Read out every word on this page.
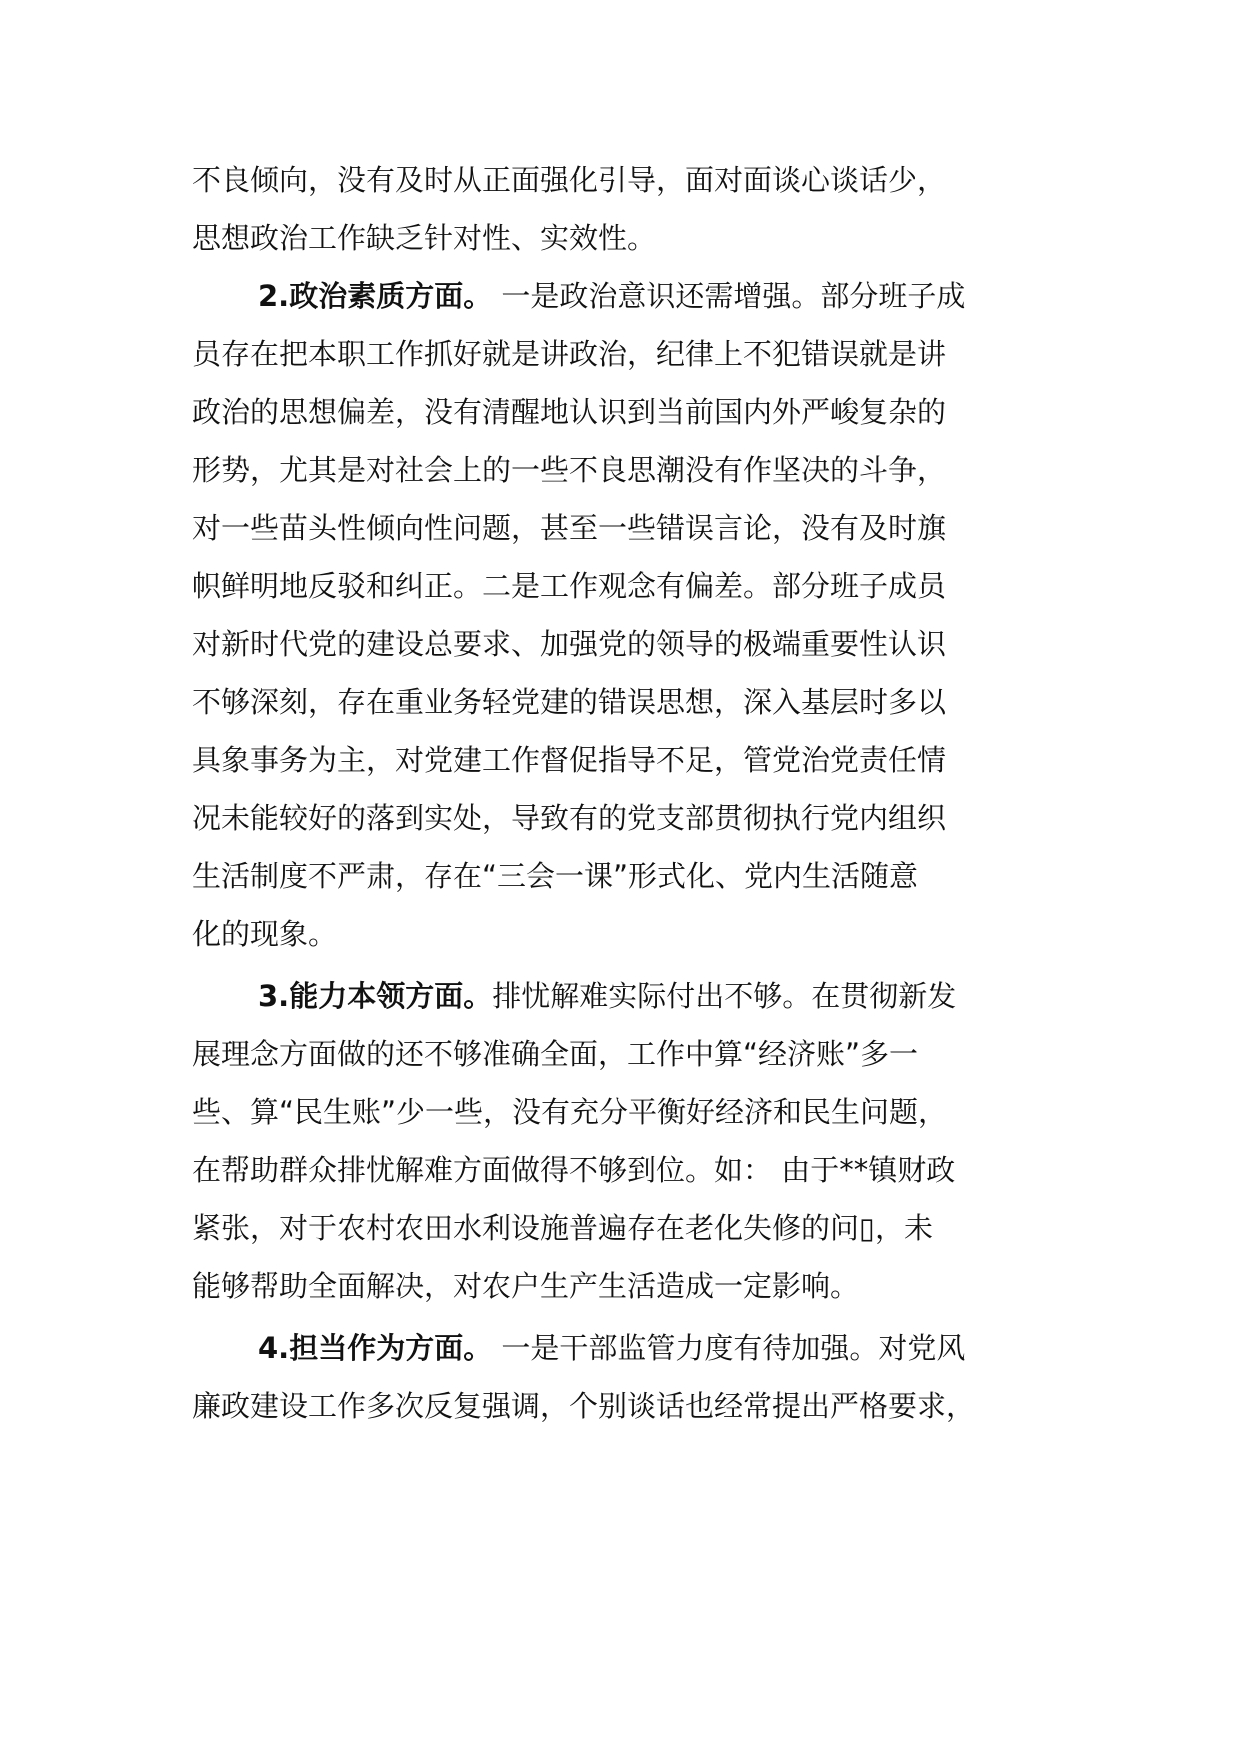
不良倾向，没有及时从正面强化引导，面对面谈心谈话少，
思想政治工作缺乏针对性、实效性。
2.政治素质方面。 一是政治意识还需增强。部分班子成
员存在把本职工作抓好就是讲政治，纪律上不犯错误就是讲
政治的思想偏差，没有清醒地认识到当前国内外严峻复杂的
形势，尤其是对社会上的一些不良思潮没有作坚决的斗争，
对一些苗头性倾向性问题，甚至一些错误言论，没有及时旗
帜鲜明地反驳和纠正。二是工作观念有偏差。部分班子成员
对新时代党的建设总要求、加强党的领导的极端重要性认识
不够深刻，存在重业务轻党建的错误思想，深入基层时多以
具象事务为主，对党建工作督促指导不足，管党治党责任情
况未能较好的落到实处，导致有的党支部贯彻执行党内组织
生活制度不严肃，存在“三会一课”形式化、党内生活随意
化的现象。
3.能力本领方面。排忧解难实际付出不够。在贯彻新发
展理念方面做的还不够准确全面，工作中算“经济账”多一
些、算“民生账”少一些，没有充分平衡好经济和民生问题，
在帮助群众排忧解难方面做得不够到位。如： 由于**镇财政
紧张，对于农村农田水利设施普遍存在老化失修的问▯，未
能够帮助全面解决，对农户生产生活造成一定影响。
4.担当作为方面。 一是干部监管力度有待加强。对党风
廉政建设工作多次反复强调，个别谈话也经常提出严格要求，
